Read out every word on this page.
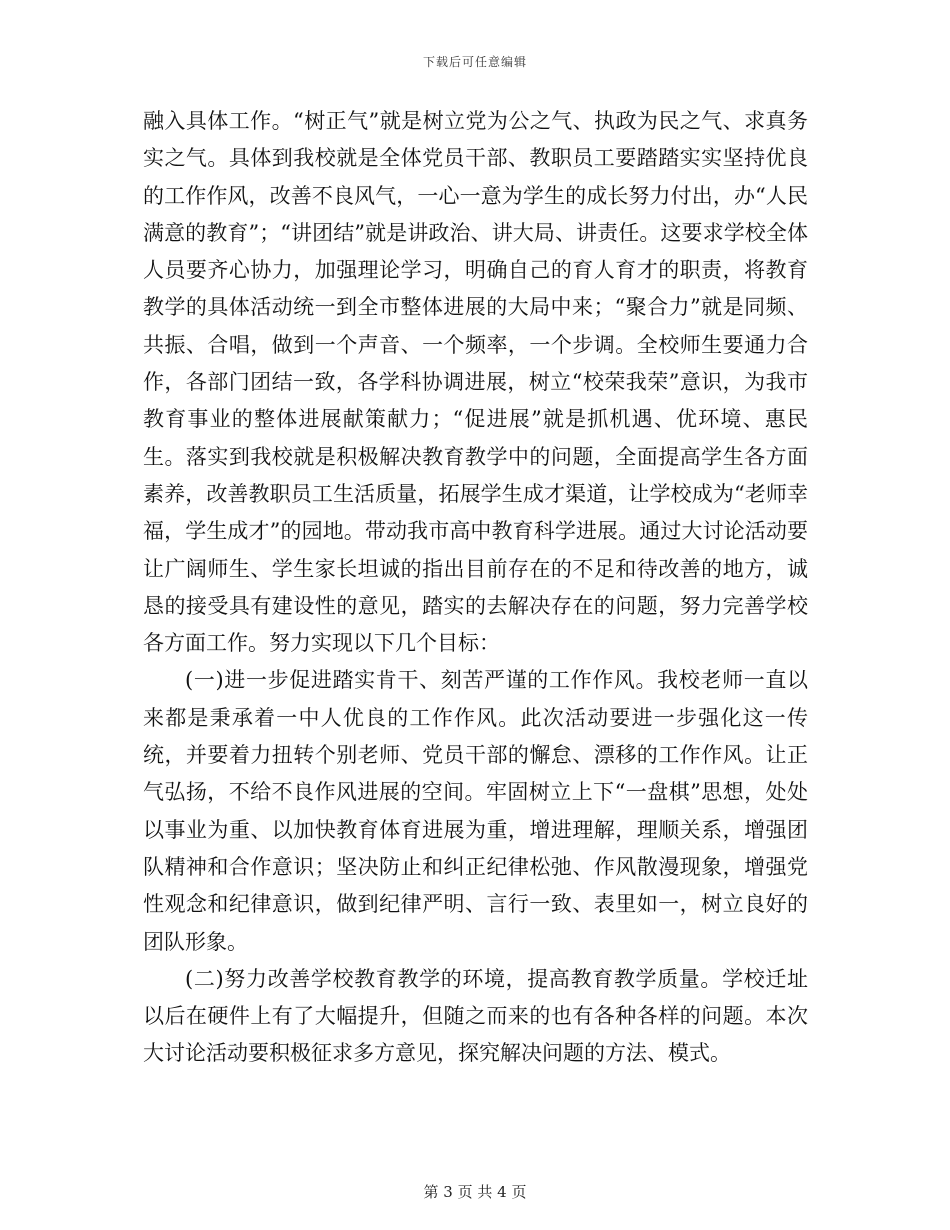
下载后可任意编辑

融入具体工作。“树正气”就是树立党为公之气、执政为民之气、求真务实之气。具体到我校就是全体党员干部、教职员工要踏踏实实坚持优良的工作作风，改善不良风气，一心一意为学生的成长努力付出，办“人民满意的教育”；“讲团结”就是讲政治、讲大局、讲责任。这要求学校全体人员要齐心协力，加强理论学习，明确自己的育人育才的职责，将教育教学的具体活动统一到全市整体进展的大局中来；“聚合力”就是同频、共振、合唱，做到一个声音、一个频率，一个步调。全校师生要通力合作，各部门团结一致，各学科协调进展，树立“校荣我荣”意识，为我市教育事业的整体进展献策献力；“促进展”就是抓机遇、优环境、惠民生。落实到我校就是积极解决教育教学中的问题，全面提高学生各方面素养，改善教职员工生活质量，拓展学生成才渠道，让学校成为“老师幸福，学生成才”的园地。带动我市高中教育科学进展。通过大讨论活动要让广阔师生、学生家长坦诚的指出目前存在的不足和待改善的地方，诚恳的接受具有建设性的意见，踏实的去解决存在的问题，努力完善学校各方面工作。努力实现以下几个目标：

(一)进一步促进踏实肯干、刻苦严谨的工作作风。我校老师一直以来都是秉承着一中人优良的工作作风。此次活动要进一步强化这一传统，并要着力扭转个别老师、党员干部的懈怠、漂移的工作作风。让正气弘扬，不给不良作风进展的空间。牢固树立上下“一盘棋”思想，处处以事业为重、以加快教育体育进展为重，增进理解，理顺关系，增强团队精神和合作意识；坚决防止和纠正纪律松弛、作风散漫现象，增强党性观念和纪律意识，做到纪律严明、言行一致、表里如一，树立良好的团队形象。

(二)努力改善学校教育教学的环境，提高教育教学质量。学校迁址以后在硬件上有了大幅提升，但随之而来的也有各种各样的问题。本次大讨论活动要积极征求多方意见，探究解决问题的方法、模式。

第 3 页 共 4 页
